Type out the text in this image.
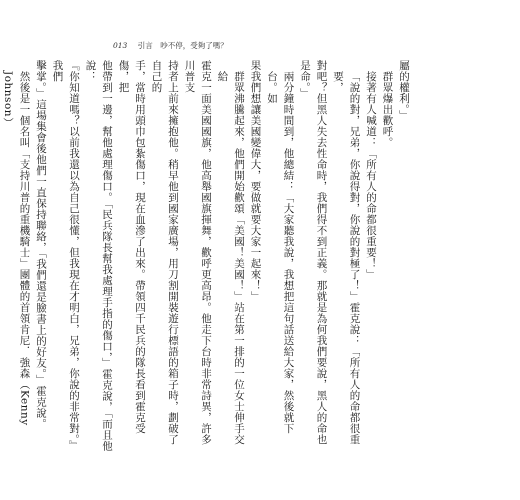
013 引言　吵不停，受夠了嗎？
屬的權利。」
群眾爆出歡呼。
接著有人喊道：「所有人的命都很重要！」
「說的對，兄弟，你說得對，你說的對極了！」霍克說：「所有人的命都很重要，
對吧？但黑人失去性命時，我們得不到正義。那就是為何我們要說，黑人的命也是命。」
兩分鐘時間到，他總結：「大家聽我說，我想把這句話送給大家，然後就下台。如
果我們想讓美國變偉大，要做就要大家一起來！」
群眾沸騰起來，他們開始歡頌「美國！美國！」站在第一排的一位女士伸手交給
霍克一面美國國旗，他高舉國旗揮舞，歡呼更高昂。他走下台時非常詩異，許多川普支
持者上前來擁抱他。稍早他到國家廣場，用刀割開裝遊行標語的箱子時，劃破了自己的
手，當時用頭巾包紮傷口，現在血滲了出來。帶領四千民兵的隊長看到霍克受傷，把
他帶到一邊，幫他處理傷口。「民兵隊長幫我處理手指的傷口，」霍克說，「而且他說：
『你知道嗎？以前我還以為自己很懂，但我現在才明白，兄弟，你說的非常對。』我們
擊掌。」這場集會後他們一直保持聯絡，「我們還是臉書上的好友。」霍克說。
然後是一個名叫「支持川普的重機騎士」團體的首領肯尼．強森（Kenny Johnson）
